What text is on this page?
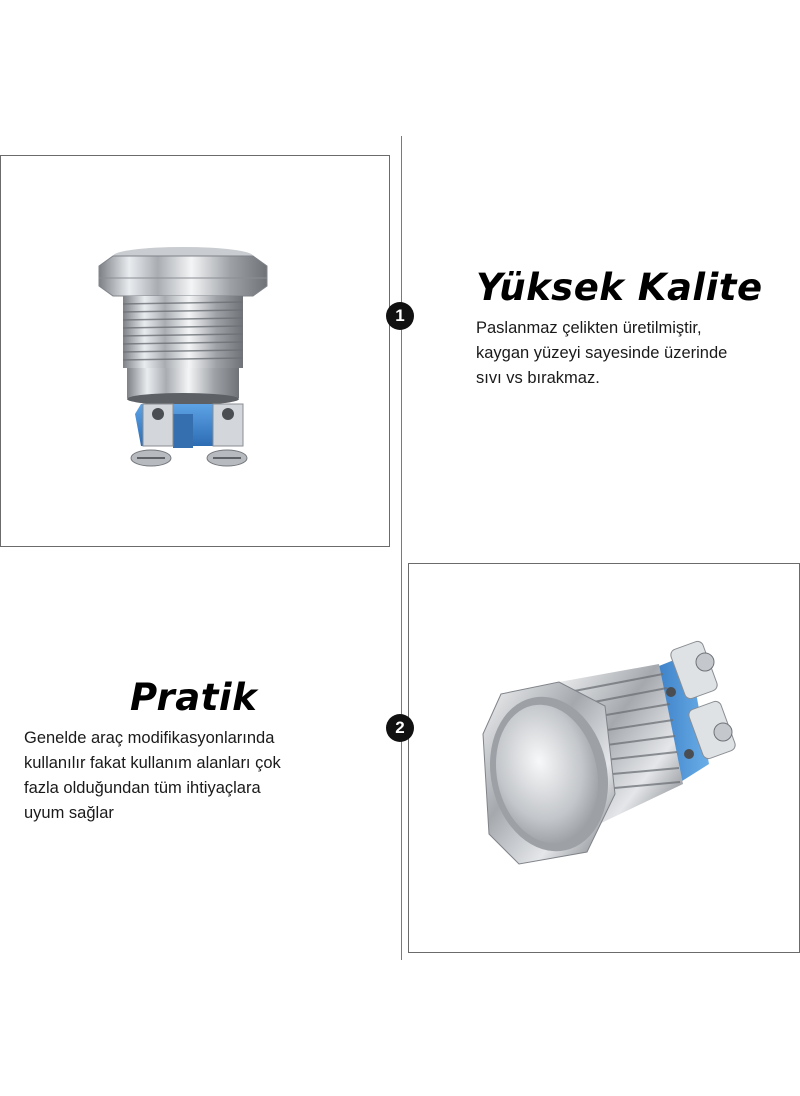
1
Yüksek Kalite

Paslanmaz çelikten üretilmiştir,
kaygan yüzeyi sayesinde üzerinde
sıvı vs bırakmaz.

2
Pratik

Genelde araç modifikasyonlarında
kullanılır fakat kullanım alanları çok
fazla olduğundan tüm ihtiyaçlara
uyum sağlar
